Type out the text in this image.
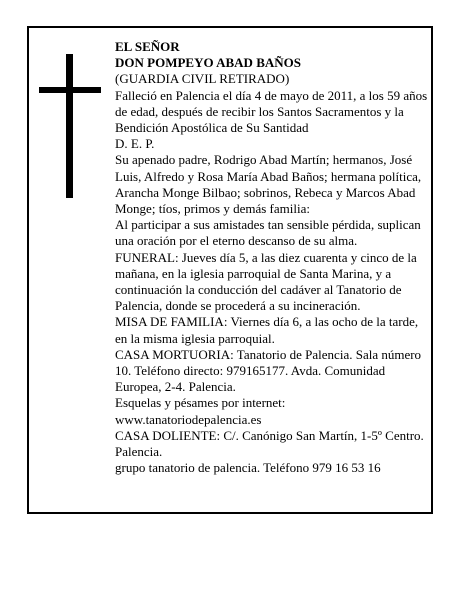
EL SEÑOR
DON POMPEYO ABAD BAÑOS
(GUARDIA CIVIL RETIRADO)
Falleció en Palencia el día 4 de mayo de 2011, a los 59 años de edad, después de recibir los Santos Sacramentos y la Bendición Apostólica de Su Santidad
D. E. P.
Su apenado padre, Rodrigo Abad Martín; hermanos, José Luis, Alfredo y Rosa María Abad Baños; hermana política, Arancha Monge Bilbao; sobrinos, Rebeca y Marcos Abad Monge; tíos, primos y demás familia:
Al participar a sus amistades tan sensible pérdida, suplican una oración por el eterno descanso de su alma.
FUNERAL: Jueves día 5, a las diez cuarenta y cinco de la mañana, en la iglesia parroquial de Santa Marina, y a continuación la conducción del cadáver al Tanatorio de Palencia, donde se procederá a su incineración.
MISA DE FAMILIA: Viernes día 6, a las ocho de la tarde, en la misma iglesia parroquial.
CASA MORTUORIA: Tanatorio de Palencia. Sala número 10. Teléfono directo: 979165177. Avda. Comunidad Europea, 2-4. Palencia.
Esquelas y pésames por internet:
www.tanatoriodepalencia.es
CASA DOLIENTE: C/. Canónigo San Martín, 1-5º Centro. Palencia.
grupo tanatorio de palencia. Teléfono 979 16 53 16
